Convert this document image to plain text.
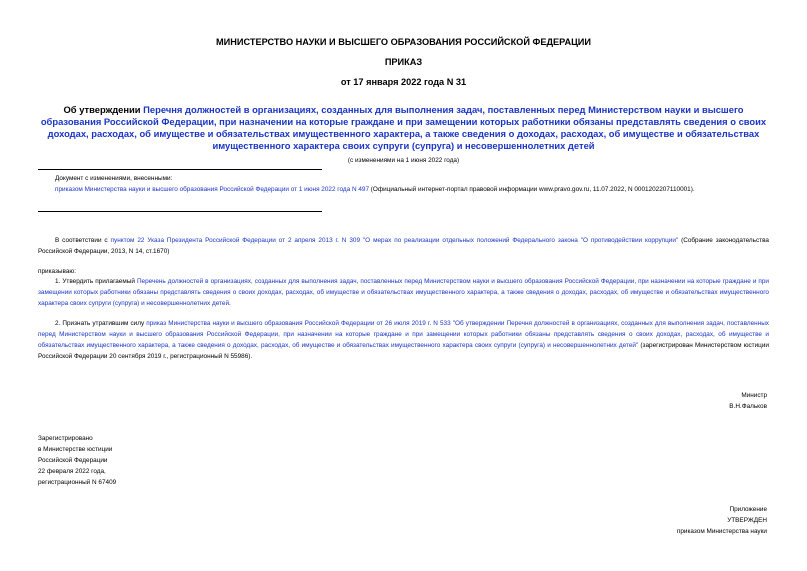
МИНИСТЕРСТВО НАУКИ И ВЫСШЕГО ОБРАЗОВАНИЯ РОССИЙСКОЙ ФЕДЕРАЦИИ
ПРИКАЗ
от 17 января 2022 года N 31
Об утверждении Перечня должностей в организациях, созданных для выполнения задач, поставленных перед Министерством науки и высшего образования Российской Федерации, при назначении на которые граждане и при замещении которых работники обязаны представлять сведения о своих доходах, расходах, об имуществе и обязательствах имущественного характера, а также сведения о доходах, расходах, об имуществе и обязательствах имущественного характера своих супруги (супруга) и несовершеннолетних детей
(с изменениями на 1 июня 2022 года)
Документ с изменениями, внесенными:
приказом Министерства науки и высшего образования Российской Федерации от 1 июня 2022 года N 497 (Официальный интернет-портал правовой информации www.pravo.gov.ru, 11.07.2022, N 0001202207110001).
В соответствии с пунктом 22 Указа Президента Российской Федерации от 2 апреля 2013 г. N 309 "О мерах по реализации отдельных положений Федерального закона "О противодействии коррупции" (Собрание законодательства Российской Федерации, 2013, N 14, ст.1670)
приказываю:
1. Утвердить прилагаемый Перечень должностей в организациях, созданных для выполнения задач, поставленных перед Министерством науки и высшего образования Российской Федерации, при назначении на которые граждане и при замещении которых работники обязаны представлять сведения о своих доходах, расходах, об имуществе и обязательствах имущественного характера, а также сведения о доходах, расходах, об имуществе и обязательствах имущественного характера своих супруги (супруга) и несовершеннолетних детей.
2. Признать утратившим силу приказ Министерства науки и высшего образования Российской Федерации от 26 июля 2019 г. N 533 "Об утверждении Перечня должностей в организациях, созданных для выполнения задач, поставленных перед Министерством науки и высшего образования Российской Федерации, при назначении на которые граждане и при замещении которых работники обязаны представлять сведения о своих доходах, расходах, об имуществе и обязательствах имущественного характера, а также сведения о доходах, расходах, об имуществе и обязательствах имущественного характера своих супруги (супруга) и несовершеннолетних детей" (зарегистрирован Министерством юстиции Российской Федерации 20 сентября 2019 г., регистрационный N 55986).
Министр
В.Н.Фальков
Зарегистрировано
в Министерстве юстиции
Российской Федерации
22 февраля 2022 года,
регистрационный N 67409
Приложение
УТВЕРЖДЕН
приказом Министерства науки
